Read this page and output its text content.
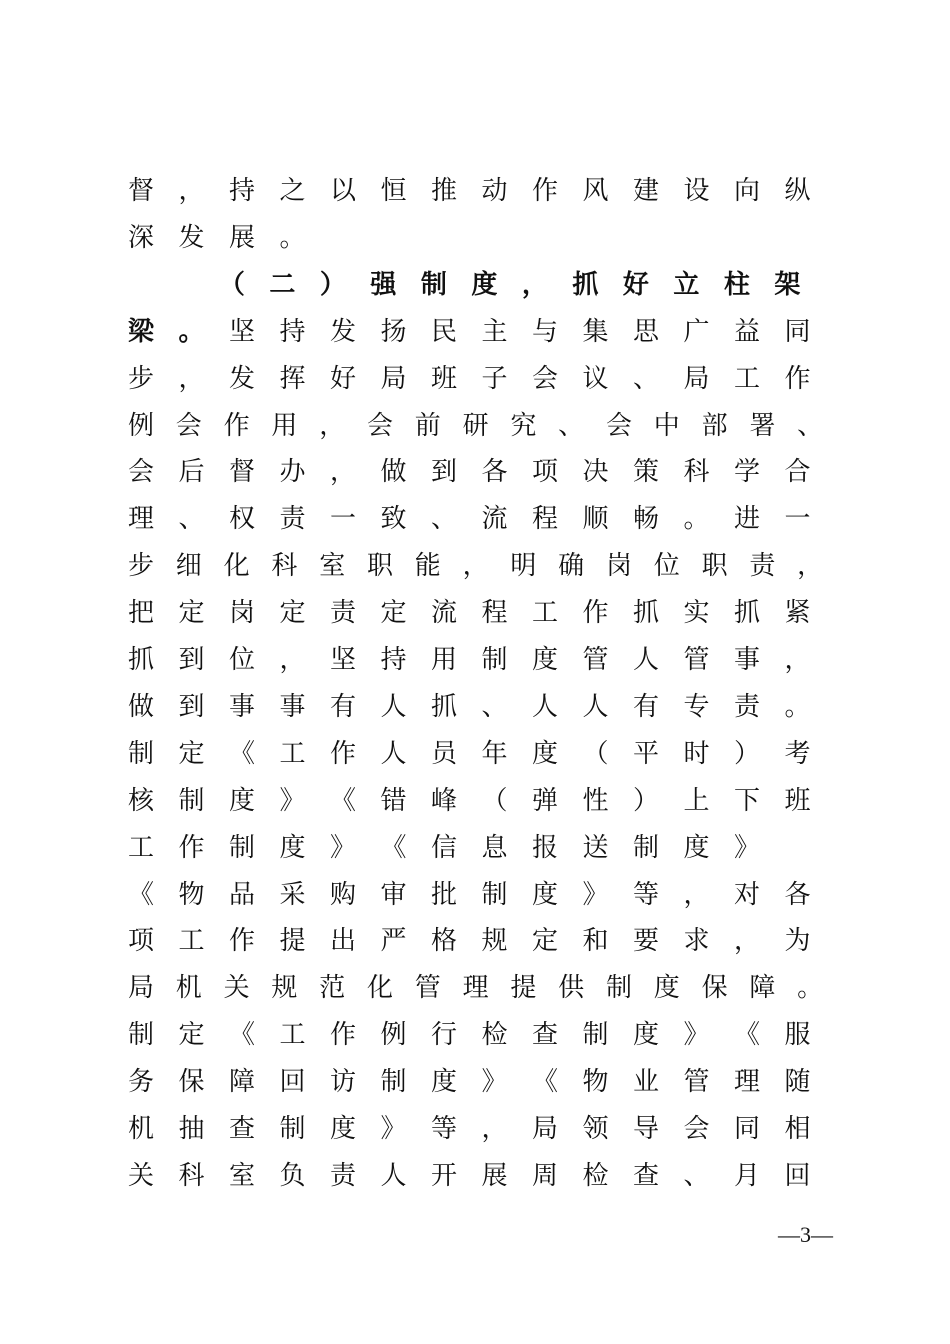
督 ， 持 之 以 恒 推 动 作 风 建 设 向 纵
深 发 展 。
（ 二 ） 强 制 度 ， 抓 好 立 柱 架
梁 。 坚 持 发 扬 民 主 与 集 思 广 益 同
步 ， 发 挥 好 局 班 子 会 议 、 局 工 作
例 会 作 用 ， 会 前 研 究 、 会 中 部 署 、
会 后 督 办 ， 做 到 各 项 决 策 科 学 合
理 、 权 责 一 致 、 流 程 顺 畅 。 进 一
步 细 化 科 室 职 能 ， 明 确 岗 位 职 责 ，
把 定 岗 定 责 定 流 程 工 作 抓 实 抓 紧
抓 到 位 ， 坚 持 用 制 度 管 人 管 事 ，
做 到 事 事 有 人 抓 、 人 人 有 专 责 。
制 定 《 工 作 人 员 年 度 （ 平 时 ） 考
核 制 度 》 《 错 峰 （ 弹 性 ） 上 下 班
工 作 制 度 》 《 信 息 报 送 制 度 》
《 物 品 采 购 审 批 制 度 》 等 ， 对 各
项 工 作 提 出 严 格 规 定 和 要 求 ， 为
局 机 关 规 范 化 管 理 提 供 制 度 保 障 。
制 定 《 工 作 例 行 检 查 制 度 》 《 服
务 保 障 回 访 制 度 》 《 物 业 管 理 随
机 抽 查 制 度 》 等 ， 局 领 导 会 同 相
关 科 室 负 责 人 开 展 周 检 查 、 月 回
—3—
